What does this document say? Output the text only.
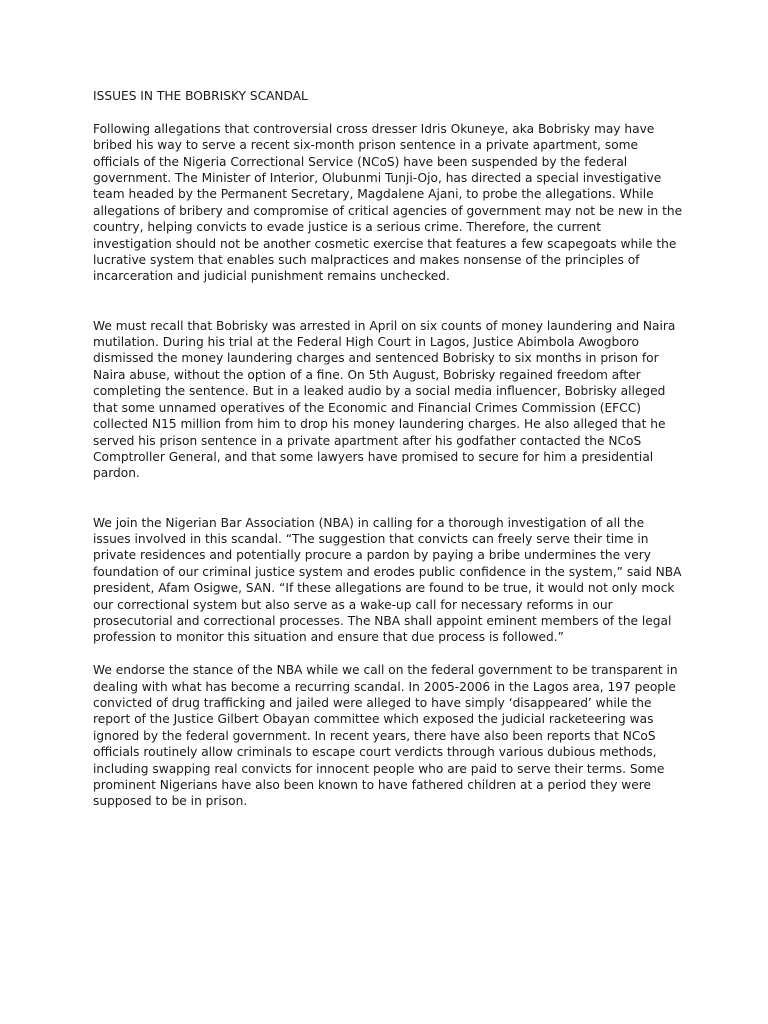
ISSUES IN THE BOBRISKY SCANDAL

Following allegations that controversial cross dresser Idris Okuneye, aka Bobrisky may have bribed his way to serve a recent six-month prison sentence in a private apartment, some officials of the Nigeria Correctional Service (NCoS) have been suspended by the federal government. The Minister of Interior, Olubunmi Tunji-Ojo, has directed a special investigative team headed by the Permanent Secretary, Magdalene Ajani, to probe the allegations. While allegations of bribery and compromise of critical agencies of government may not be new in the country, helping convicts to evade justice is a serious crime. Therefore, the current investigation should not be another cosmetic exercise that features a few scapegoats while the lucrative system that enables such malpractices and makes nonsense of the principles of incarceration and judicial punishment remains unchecked.

We must recall that Bobrisky was arrested in April on six counts of money laundering and Naira mutilation. During his trial at the Federal High Court in Lagos, Justice Abimbola Awogboro dismissed the money laundering charges and sentenced Bobrisky to six months in prison for Naira abuse, without the option of a fine. On 5th August, Bobrisky regained freedom after completing the sentence. But in a leaked audio by a social media influencer, Bobrisky alleged that some unnamed operatives of the Economic and Financial Crimes Commission (EFCC) collected N15 million from him to drop his money laundering charges. He also alleged that he served his prison sentence in a private apartment after his godfather contacted the NCoS Comptroller General, and that some lawyers have promised to secure for him a presidential pardon.

We join the Nigerian Bar Association (NBA) in calling for a thorough investigation of all the issues involved in this scandal. “The suggestion that convicts can freely serve their time in private residences and potentially procure a pardon by paying a bribe undermines the very foundation of our criminal justice system and erodes public confidence in the system,” said NBA president, Afam Osigwe, SAN. “If these allegations are found to be true, it would not only mock our correctional system but also serve as a wake-up call for necessary reforms in our prosecutorial and correctional processes. The NBA shall appoint eminent members of the legal profession to monitor this situation and ensure that due process is followed.”

We endorse the stance of the NBA while we call on the federal government to be transparent in dealing with what has become a recurring scandal. In 2005-2006 in the Lagos area, 197 people convicted of drug trafficking and jailed were alleged to have simply ‘disappeared’ while the report of the Justice Gilbert Obayan committee which exposed the judicial racketeering was ignored by the federal government. In recent years, there have also been reports that NCoS officials routinely allow criminals to escape court verdicts through various dubious methods, including swapping real convicts for innocent people who are paid to serve their terms. Some prominent Nigerians have also been known to have fathered children at a period they were supposed to be in prison.
